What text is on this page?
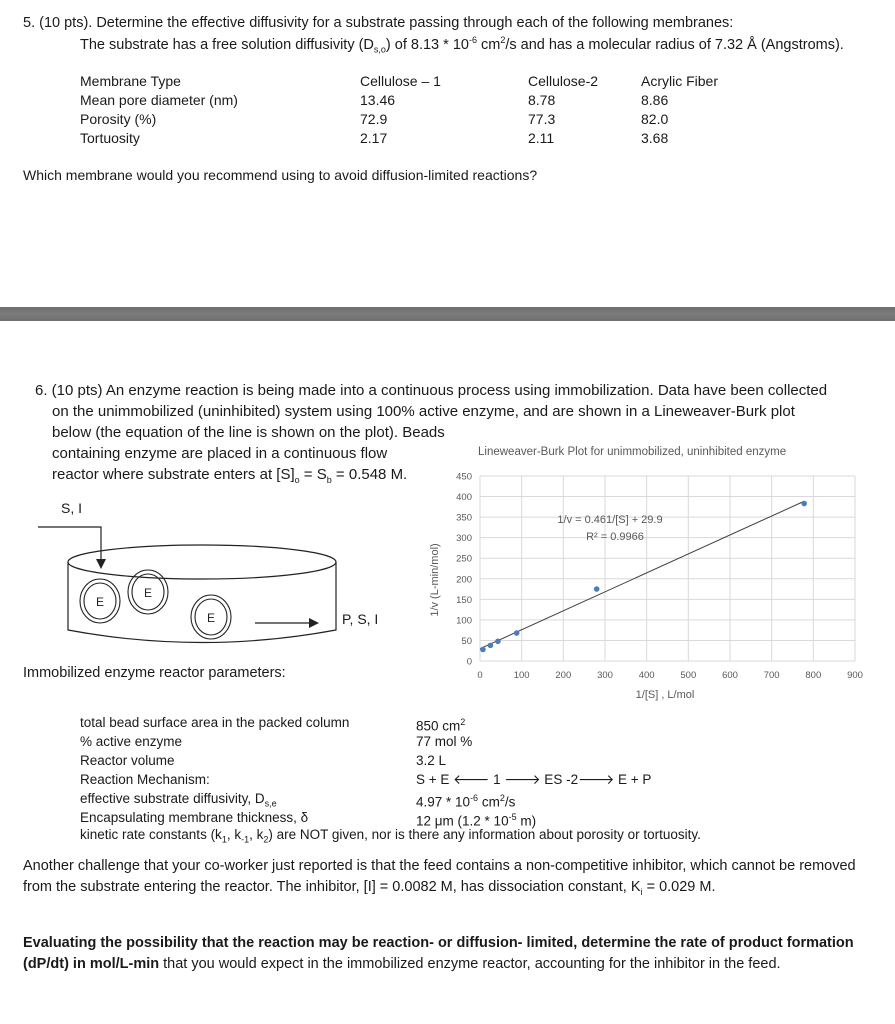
5. (10 pts). Determine the effective diffusivity for a substrate passing through each of the following membranes:
The substrate has a free solution diffusivity $(D_{s,o})$ of $8.13 * 10^{-6}$ $cm^2/s$ and has a molecular radius of 7.32 Å (Angstroms).
Membrane Type	Cellulose – 1	Cellulose-2	Acrylic Fiber
Mean pore diameter (nm)	13.46	8.78	8.86
Porosity (%)	72.9	77.3	82.0
Tortuosity	2.17	2.11	3.68
Which membrane would you recommend using to avoid diffusion-limited reactions?
6. (10 pts) An enzyme reaction is being made into a continuous process using immobilization. Data have been collected
on the unimmobilized (uninhibited) system using 100% active enzyme, and are shown in a Lineweaver-Burk plot
below (the equation of the line is shown on the plot). Beads
containing enzyme are placed in a continuous flow
reactor where substrate enters at $[S]_o = S_b = 0.548$ M.
Lineweaver-Burk Plot for unimmobilized, uninhibited enzyme
0
50
100
150
200
250
300
350
400
450
0	100	200	300	400	500	600	700	800	900
1/v = 0.461/[S] + 29.9
R² = 0.9966
1/[S] , L/mol
1/v (L-min/mol)
S, I
P, S, I
E
E
E
Immobilized enzyme reactor parameters:
total bead surface area in the packed column	850 $cm^2$
% active enzyme	77 mol %
Reactor volume	3.2 L
Reaction Mechanism:	S + E 🡐 1 🡒 ES -2🡒 E + P
effective substrate diffusivity, $D_{s,e}$	$4.97 * 10^{-6}$ $cm^2/s$
Encapsulating membrane thickness, δ	12 μm ($1.2 * 10^{-5}$ m)
kinetic rate constants ($k_1$, $k_{-1}$, $k_2$) are NOT given, nor is there any information about porosity or tortuosity.
Another challenge that your co-worker just reported is that the feed contains a non-competitive inhibitor, which cannot be removed from the substrate entering the reactor. The inhibitor, [I] = 0.0082 M, has dissociation constant, $K_i = 0.029$ M.
Evaluating the possibility that the reaction may be reaction- or diffusion- limited, determine the rate of product formation (dP/dt) in mol/L-min that you would expect in the immobilized enzyme reactor, accounting for the inhibitor in the feed.
